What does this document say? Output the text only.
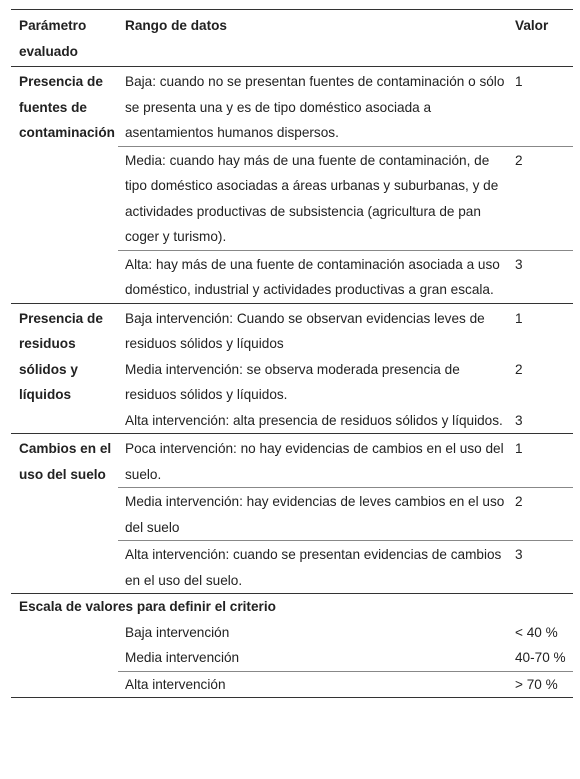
Parámetro evaluado	Rango de datos	Valor
Presencia de fuentes de contaminación	Baja: cuando no se presentan fuentes de contaminación o sólo se presenta una y es de tipo doméstico asociada a asentamientos humanos dispersos.	1
	Media: cuando hay más de una fuente de contaminación, de tipo doméstico asociadas a áreas urbanas y suburbanas, y de actividades productivas de subsistencia (agricultura de pan coger y turismo).	2
	Alta: hay más de una fuente de contaminación asociada a uso doméstico, industrial y actividades productivas a gran escala.	3
Presencia de residuos sólidos y líquidos	Baja intervención: Cuando se observan evidencias leves de residuos sólidos y líquidos	1
	Media intervención: se observa moderada presencia de residuos sólidos y líquidos.	2
	Alta intervención: alta presencia de residuos sólidos y líquidos.	3
Cambios en el uso del suelo	Poca intervención: no hay evidencias de cambios en el uso del suelo.	1
	Media intervención: hay evidencias de leves cambios en el uso del suelo	2
	Alta intervención: cuando se presentan evidencias de cambios en el uso del suelo.	3
Escala de valores para definir el criterio		
	Baja intervención	< 40 %
	Media intervención	40-70 %
	Alta intervención	> 70 %
